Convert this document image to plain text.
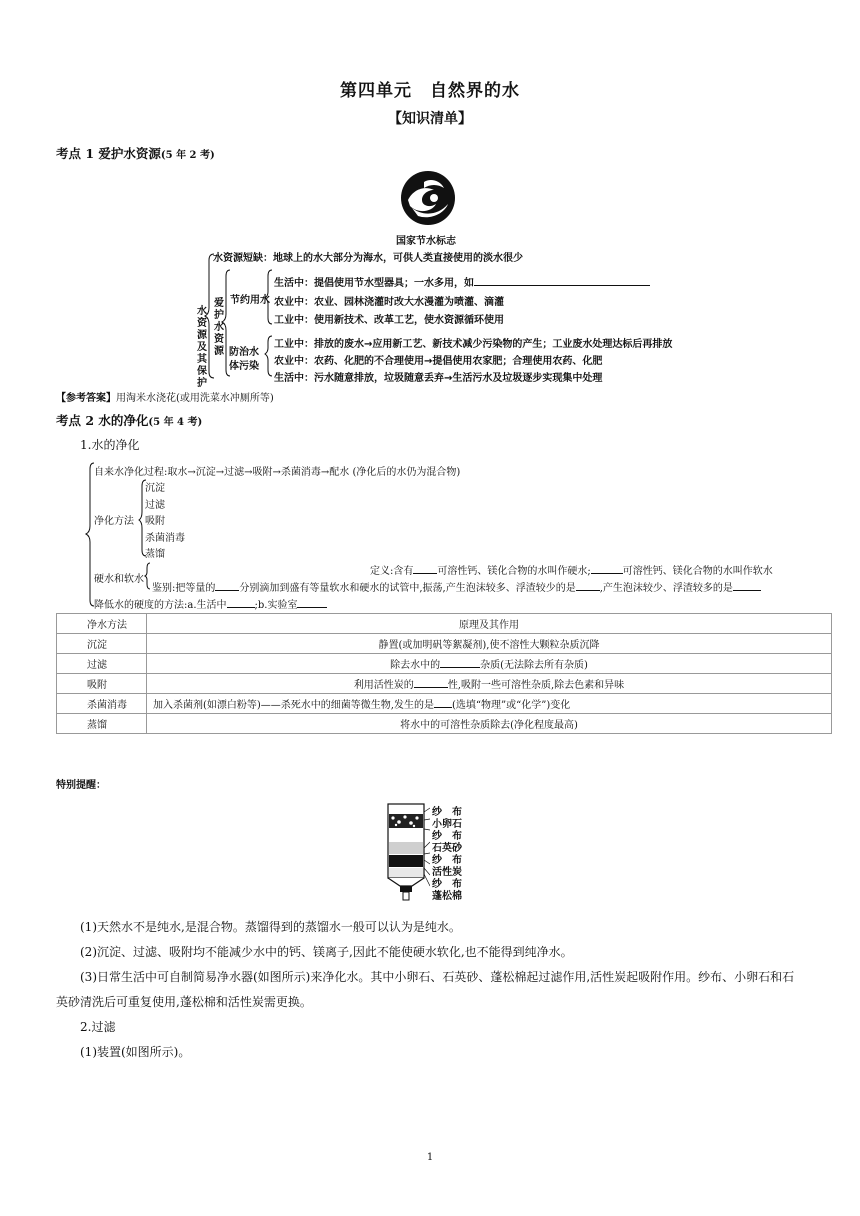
第四单元　自然界的水
【知识清单】
考点 1 爱护水资源(5 年 2 考)
国家节水标志
水资源及其保护
水资源短缺：地球上的水大部分为海水，可供人类直接使用的淡水很少
爱护水资源
节约用水
生活中：提倡使用节水型器具；一水多用，如
农业中：农业、园林浇灌时改大水漫灌为喷灌、滴灌
工业中：使用新技术、改革工艺，使水资源循环使用
防治水体污染
工业中：排放的废水→应用新工艺、新技术减少污染物的产生；工业废水处理达标后再排放
农业中：农药、化肥的不合理使用→提倡使用农家肥；合理使用农药、化肥
生活中：污水随意排放，垃圾随意丢弃→生活污水及垃圾逐步实现集中处理
【参考答案】用淘米水浇花(或用洗菜水冲厕所等)
考点 2 水的净化(5 年 4 考)
1.水的净化
自来水净化过程:取水→沉淀→过滤→吸附→杀菌消毒→配水 (净化后的水仍为混合物)
净化方法
沉淀
过滤
吸附
杀菌消毒
蒸馏
硬水和软水
定义:含有 可溶性钙、镁化合物的水叫作硬水;	可溶性钙、镁化合物的水叫作软水
鉴别:把等量的 分别滴加到盛有等量软水和硬水的试管中,振荡,产生泡沫较多、浮渣较少的是 ,产生泡沫较少、浮渣较多的是
降低水的硬度的方法:a.生活中	;b.实验室
净水方法	原理及其作用
沉淀	静置(或加明矾等絮凝剂),使不溶性大颗粒杂质沉降
过滤	除去水中的 杂质(无法除去所有杂质)
吸附	利用活性炭的 性,吸附一些可溶性杂质,除去色素和异味
杀菌消毒	加入杀菌剂(如漂白粉等)——杀死水中的细菌等微生物,发生的是 (选填“物理”或“化学”)变化
蒸馏	将水中的可溶性杂质除去(净化程度最高)
特别提醒：
纱　布
小卵石
纱　布
石英砂
纱　布
活性炭
纱　布
蓬松棉
(1)天然水不是纯水,是混合物。蒸馏得到的蒸馏水一般可以认为是纯水。
(2)沉淀、过滤、吸附均不能减少水中的钙、镁离子,因此不能使硬水软化,也不能得到纯净水。
(3)日常生活中可自制简易净水器(如图所示)来净化水。其中小卵石、石英砂、蓬松棉起过滤作用,活性炭起吸附作用。纱布、小卵石和石
英砂清洗后可重复使用,蓬松棉和活性炭需更换。
2.过滤
(1)装置(如图所示)。
1
